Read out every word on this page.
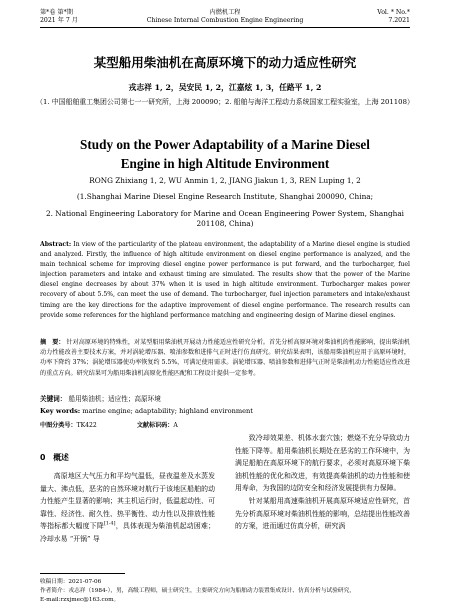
第*卷 第*期
2021 年 7 月
内燃机工程
Chinese Internal Combustion Engine Engineering
Vol. * No.*
7.2021
某型船用柴油机在高原环境下的动力适应性研究
戎志祥 1, 2，吴安民 1, 2，江嘉炫 1, 3，任路平 1, 2
（1. 中国船舶重工集团公司第七一一研究所，上海 200090；2. 船舶与海洋工程动力系统国家工程实验室，上海 201108）
Study on the Power Adaptability of a Marine Diesel
Engine in high Altitude Environment
RONG Zhixiang 1, 2, WU Anmin 1, 2, JIANG Jiakun 1, 3, REN Luping 1, 2
(1.Shanghai Marine Diesel Engine Research Institute, Shanghai 200090, China;
2. National Engineering Laboratory for Marine and Ocean Engineering Power System, Shanghai 201108, China)
Abstract: In view of the particularity of the plateau environment, the adaptability of a Marine diesel engine is studied and analyzed. Firstly, the influence of high altitude environment on diesel engine performance is analyzed, and the main technical scheme for improving diesel engine power performance is put forward, and the turbocharger, fuel injection parameters and intake and exhaust timing are simulated. The results show that the power of the Marine diesel engine decreases by about 37% when it is used in high altitude environment. Turbocharger makes power recovery of about 5.5%, can meet the use of demand. The turbocharger, fuel injection parameters and intake/exhaust timing are the key directions for the adaptive improvement of diesel engine performance. The research results can provide some references for the highland performance matching and engineering design of Marine diesel engines.
摘　要： 针对高原环境的特殊性，对某型船用柴油机开展动力性能适应性研究分析。首先分析高原环境对柴油机的性能影响，提出柴油机动力性能改善主要技术方案，并对涡轮增压器、喷油参数和进排气正时进行仿真研究。研究结果表明，该船用柴油机应用于高原环境时，功率下降约 37%；涡轮增压器使功率恢复约 5.5%，可满足使用需求。涡轮增压器、喷油参数和进排气正时是柴油机动力性能适应性改进的重点方向。研究结果可为船用柴油机高原化性能匹配和工程设计提供一定参考。
关键词： 船用柴油机；适应性；高原环境
Key words: marine engine; adaptability; highland environment
中图分类号：TK422	文献标识码：A
0　概述
高原地区大气压力和平均气温低，昼夜温差及水蒸发量大、沸点低，恶劣的自然环境对航行于该地区船舶的动力性能产生显著的影响；其主机运行时，低温起动性、可靠性、经济性、耐久性、热平衡性、动力性以及排放性能等指标都大幅度下降[1-4]，具体表现为柴油机起动困难；冷却水易 “开锅” 导

致冷却效果差、机体水套穴蚀；燃烧不充分导致动力性能下降等。船用柴油机长期处在恶劣的工作环境中，为满足船舶在高原环境下的航行要求，必须对高原环境下柴油机性能的优化和改进，有效提高柴油机的动力性能和使用寿命，为我国的边防安全和经济发展提供有力保障。

针对某船用高速柴油机开展高原环境适应性研究，首先分析高原环境对柴油机性能的影响，总结提出性能改善的方案，进而通过仿真分析，研究涡

收稿日期：2021-07-06
作者简介：戎志祥（1984-），男，高级工程师，硕士研究生，主要研究方向为船舶动力装置集成设计、仿真分析与试验研究，
E-mail:rzxjmec@163.com。
